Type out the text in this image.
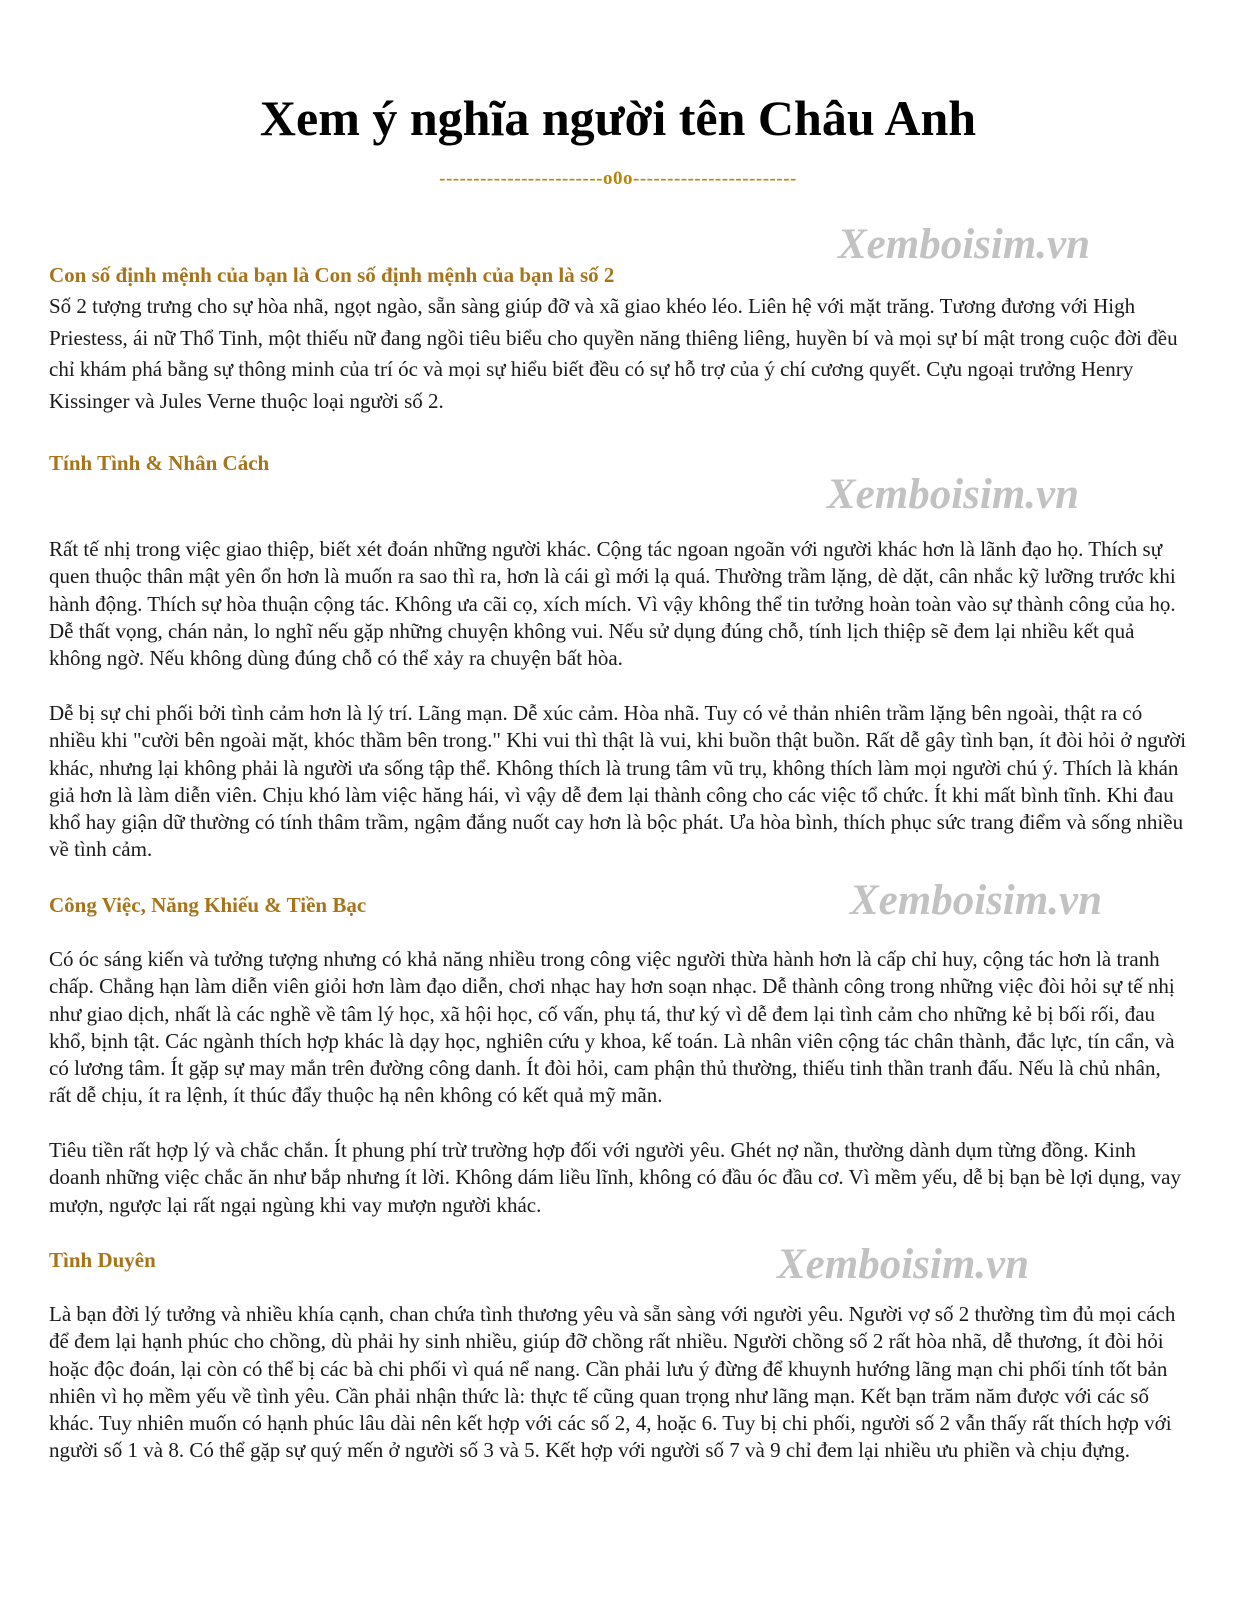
Xem ý nghĩa người tên Châu Anh
------------------------o0o------------------------
Xemboisim.vn
Xemboisim.vn
Xemboisim.vn
Xemboisim.vn
Con số định mệnh của bạn là Con số định mệnh của bạn là số 2

Số 2 tượng trưng cho sự hòa nhã, ngọt ngào, sẵn sàng giúp đỡ và xã giao khéo léo. Liên hệ với mặt trăng. Tương đương với High Priestess, ái nữ Thổ Tinh, một thiếu nữ đang ngồi tiêu biểu cho quyền năng thiêng liêng, huyền bí và mọi sự bí mật trong cuộc đời đều chỉ khám phá bằng sự thông minh của trí óc và mọi sự hiểu biết đều có sự hỗ trợ của ý chí cương quyết. Cựu ngoại trưởng Henry Kissinger và Jules Verne thuộc loại người số 2.

Tính Tình & Nhân Cách

Rất tế nhị trong việc giao thiệp, biết xét đoán những người khác. Cộng tác ngoan ngoãn với người khác hơn là lãnh đạo họ. Thích sự quen thuộc thân mật yên ổn hơn là muốn ra sao thì ra, hơn là cái gì mới lạ quá. Thường trầm lặng, dè dặt, cân nhắc kỹ lưỡng trước khi hành động. Thích sự hòa thuận cộng tác. Không ưa cãi cọ, xích mích. Vì vậy không thể tin tưởng hoàn toàn vào sự thành công của họ. Dễ thất vọng, chán nản, lo nghĩ nếu gặp những chuyện không vui. Nếu sử dụng đúng chỗ, tính lịch thiệp sẽ đem lại nhiều kết quả không ngờ. Nếu không dùng đúng chỗ có thể xảy ra chuyện bất hòa.

Dễ bị sự chi phối bởi tình cảm hơn là lý trí. Lãng mạn. Dễ xúc cảm. Hòa nhã. Tuy có vẻ thản nhiên trầm lặng bên ngoài, thật ra có nhiều khi "cười bên ngoài mặt, khóc thầm bên trong." Khi vui thì thật là vui, khi buồn thật buồn. Rất dễ gây tình bạn, ít đòi hỏi ở người khác, nhưng lại không phải là người ưa sống tập thể. Không thích là trung tâm vũ trụ, không thích làm mọi người chú ý. Thích là khán giả hơn là làm diễn viên. Chịu khó làm việc hăng hái, vì vậy dễ đem lại thành công cho các việc tổ chức. Ít khi mất bình tĩnh. Khi đau khổ hay giận dữ thường có tính thâm trầm, ngậm đắng nuốt cay hơn là bộc phát. Ưa hòa bình, thích phục sức trang điểm và sống nhiều về tình cảm.

Công Việc, Năng Khiếu & Tiền Bạc

Có óc sáng kiến và tưởng tượng nhưng có khả năng nhiều trong công việc người thừa hành hơn là cấp chỉ huy, cộng tác hơn là tranh chấp. Chẳng hạn làm diễn viên giỏi hơn làm đạo diễn, chơi nhạc hay hơn soạn nhạc. Dễ thành công trong những việc đòi hỏi sự tế nhị như giao dịch, nhất là các nghề về tâm lý học, xã hội học, cố vấn, phụ tá, thư ký vì dễ đem lại tình cảm cho những kẻ bị bối rối, đau khổ, bịnh tật. Các ngành thích hợp khác là dạy học, nghiên cứu y khoa, kế toán. Là nhân viên cộng tác chân thành, đắc lực, tín cẩn, và có lương tâm. Ít gặp sự may mắn trên đường công danh. Ít đòi hỏi, cam phận thủ thường, thiếu tinh thần tranh đấu. Nếu là chủ nhân, rất dễ chịu, ít ra lệnh, ít thúc đẩy thuộc hạ nên không có kết quả mỹ mãn.

Tiêu tiền rất hợp lý và chắc chắn. Ít phung phí trừ trường hợp đối với người yêu. Ghét nợ nần, thường dành dụm từng đồng. Kinh doanh những việc chắc ăn như bắp nhưng ít lời. Không dám liều lĩnh, không có đầu óc đầu cơ. Vì mềm yếu, dễ bị bạn bè lợi dụng, vay mượn, ngược lại rất ngại ngùng khi vay mượn người khác.

Tình Duyên

Là bạn đời lý tưởng và nhiều khía cạnh, chan chứa tình thương yêu và sẵn sàng với người yêu. Người vợ số 2 thường tìm đủ mọi cách để đem lại hạnh phúc cho chồng, dù phải hy sinh nhiều, giúp đỡ chồng rất nhiều. Người chồng số 2 rất hòa nhã, dễ thương, ít đòi hỏi hoặc độc đoán, lại còn có thể bị các bà chi phối vì quá nể nang. Cần phải lưu ý đừng để khuynh hướng lãng mạn chi phối tính tốt bản nhiên vì họ mềm yếu về tình yêu. Cần phải nhận thức là: thực tế cũng quan trọng như lãng mạn. Kết bạn trăm năm được với các số khác. Tuy nhiên muốn có hạnh phúc lâu dài nên kết hợp với các số 2, 4, hoặc 6. Tuy bị chi phối, người số 2 vẫn thấy rất thích hợp với người số 1 và 8. Có thể gặp sự quý mến ở người số 3 và 5. Kết hợp với người số 7 và 9 chỉ đem lại nhiều ưu phiền và chịu đựng.
